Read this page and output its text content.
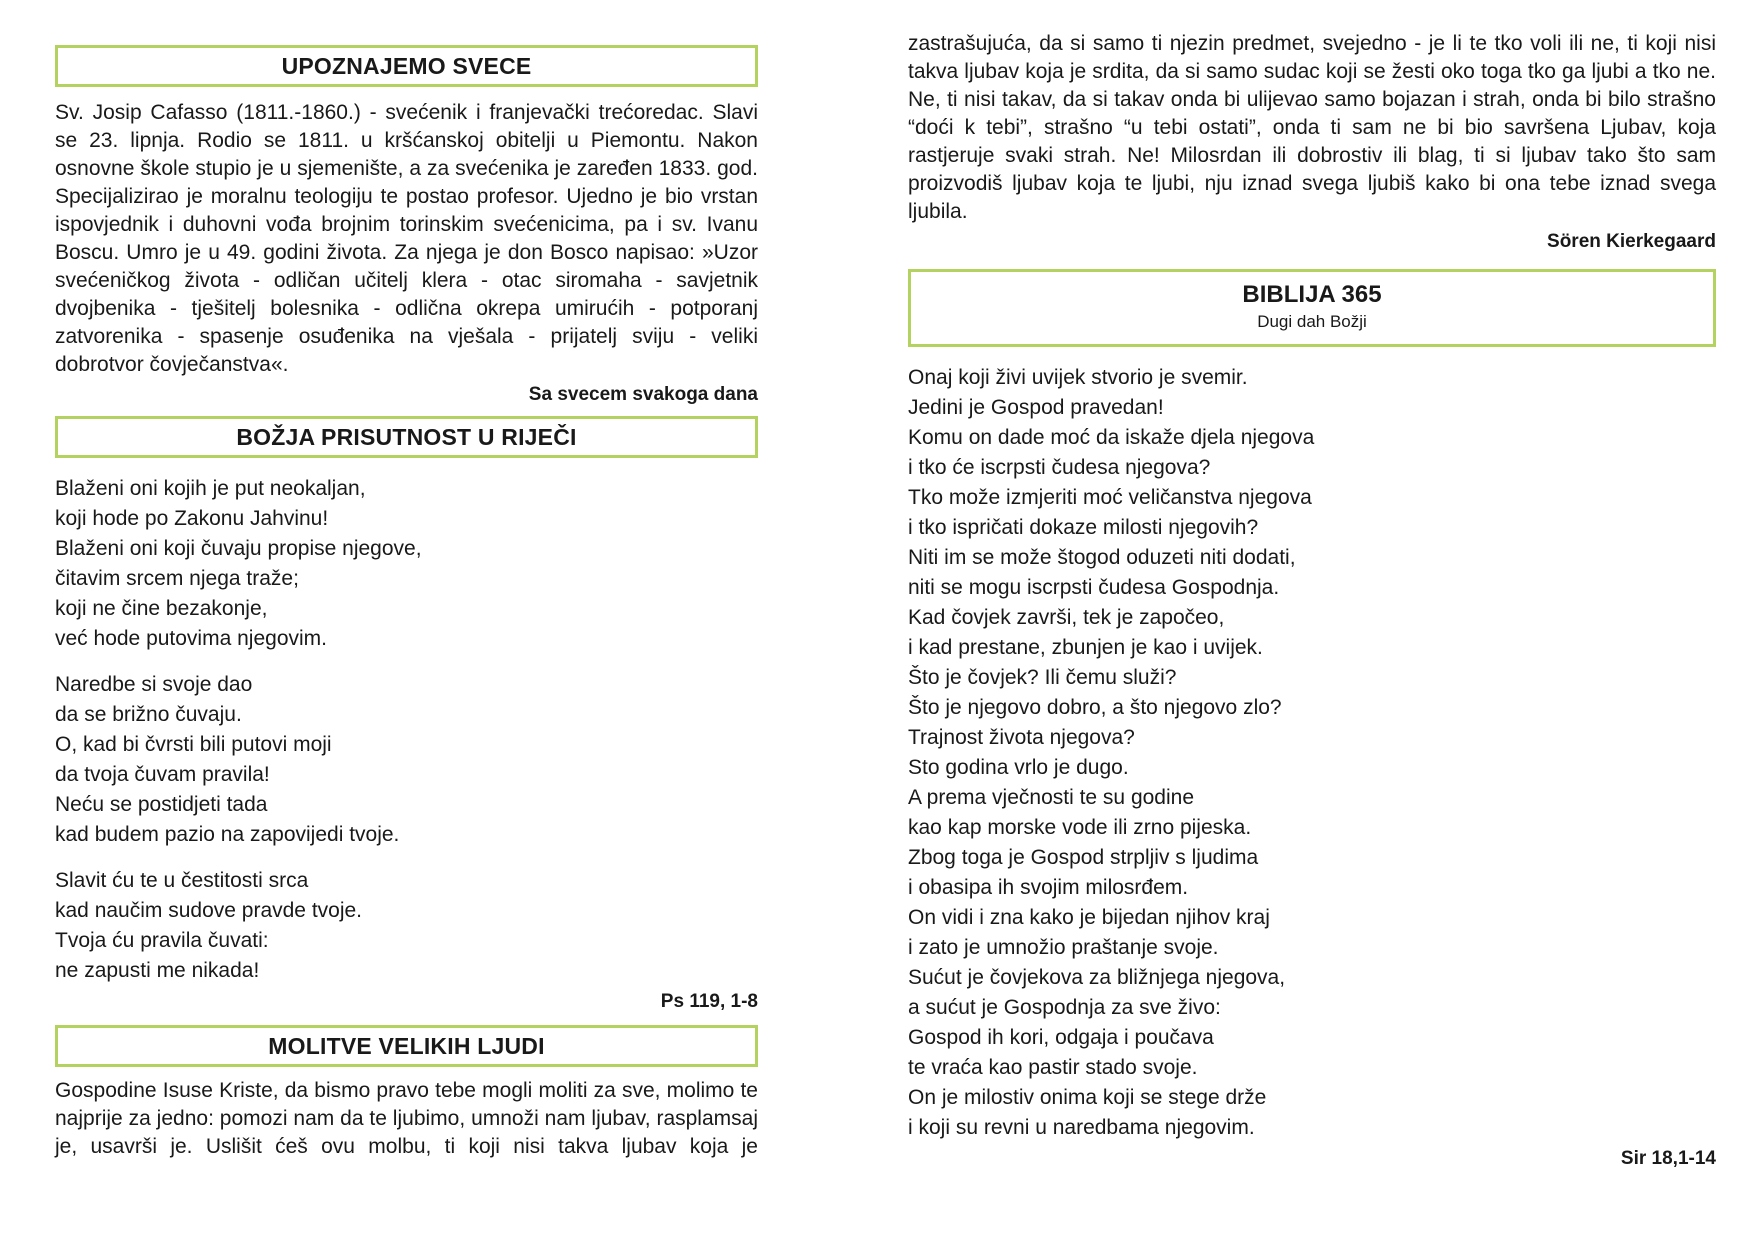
UPOZNAJEMO SVECE
Sv. Josip Cafasso (1811.-1860.) - svećenik i franjevački trećoredac. Slavi se 23. lipnja. Rodio se 1811. u kršćanskoj obitelji u Piemontu. Nakon osnovne škole stupio je u sjemenište, a za svećenika je zaređen 1833. god. Specijalizirao je moralnu teologiju te postao profesor. Ujedno je bio vrstan ispovjednik i duhovni vođa brojnim torinskim svećenicima, pa i sv. Ivanu Boscu. Umro je u 49. godini života. Za njega je don Bosco napisao: »Uzor svećeničkog života - odličan učitelj klera - otac siromaha - savjetnik dvojbenika - tješitelj bolesnika - odlična okrepa umirućih - potporanj zatvorenika - spasenje osuđenika na vješala - prijatelj sviju - veliki dobrotvor čovječanstva«.
Sa svecem svakoga dana
BOŽJA PRISUTNOST U RIJEČI
Blaženi oni kojih je put neokaljan,
koji hode po Zakonu Jahvinu!
Blaženi oni koji čuvaju propise njegove,
čitavim srcem njega traže;
koji ne čine bezakonje,
već hode putovima njegovim.
Naredbe si svoje dao
da se brižno čuvaju.
O, kad bi čvrsti bili putovi moji
da tvoja čuvam pravila!
Neću se postidjeti tada
kad budem pazio na zapovijedi tvoje.
Slavit ću te u čestitosti srca
kad naučim sudove pravde tvoje.
Tvoja ću pravila čuvati:
ne zapusti me nikada!
Ps 119, 1-8
MOLITVE VELIKIH LJUDI
Gospodine Isuse Kriste, da bismo pravo tebe mogli moliti za sve, molimo te najprije za jedno: pomozi nam da te ljubimo, umnoži nam ljubav, rasplamsaj je, usavrši je. Uslišit ćeš ovu molbu, ti koji nisi takva ljubav koja je
zastrašujuća, da si samo ti njezin predmet, svejedno - je li te tko voli ili ne, ti koji nisi takva ljubav koja je srdita, da si samo sudac koji se žesti oko toga tko ga ljubi a tko ne. Ne, ti nisi takav, da si takav onda bi ulijevao samo bojazan i strah, onda bi bilo strašno “doći k tebi”, strašno “u tebi ostati”, onda ti sam ne bi bio savršena Ljubav, koja rastjeruje svaki strah. Ne! Milosrdan ili dobrostiv ili blag, ti si ljubav tako što sam proizvodiš ljubav koja te ljubi, nju iznad svega ljubiš kako bi ona tebe iznad svega ljubila.
Sören Kierkegaard
BIBLIJA 365
Dugi dah Božji
Onaj koji živi uvijek stvorio je svemir.
Jedini je Gospod pravedan!
Komu on dade moć da iskaže djela njegova
i tko će iscrpsti čudesa njegova?
Tko može izmjeriti moć veličanstva njegova
i tko ispričati dokaze milosti njegovih?
Niti im se može štogod oduzeti niti dodati,
niti se mogu iscrpsti čudesa Gospodnja.
Kad čovjek završi, tek je započeo,
i kad prestane, zbunjen je kao i uvijek.
Što je čovjek? Ili čemu služi?
Što je njegovo dobro, a što njegovo zlo?
Trajnost života njegova?
Sto godina vrlo je dugo.
A prema vječnosti te su godine
kao kap morske vode ili zrno pijeska.
Zbog toga je Gospod strpljiv s ljudima
i obasipa ih svojim milosrđem.
On vidi i zna kako je bijedan njihov kraj
i zato je umnožio praštanje svoje.
Sućut je čovjekova za bližnjega njegova,
a sućut je Gospodnja za sve živo:
Gospod ih kori, odgaja i poučava
te vraća kao pastir stado svoje.
On je milostiv onima koji se stege drže
i koji su revni u naredbama njegovim.
Sir 18,1-14
